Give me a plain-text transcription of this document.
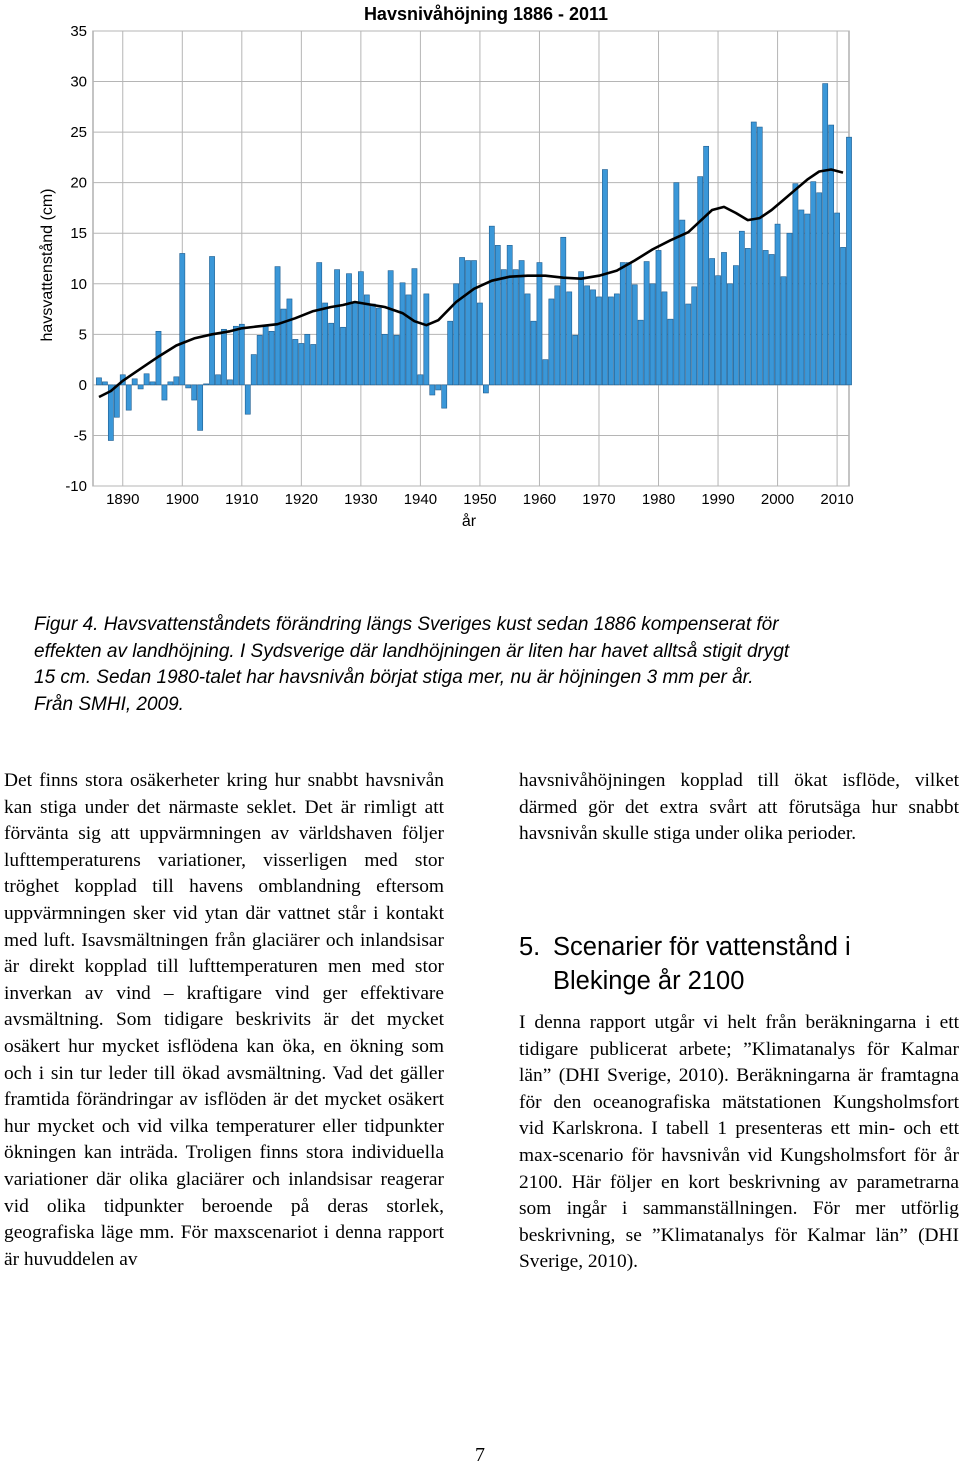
-10
-5
0
5
10
15
20
25
30
35
1890 1900 1910 1920 1930 1940 1950 1960 1970 1980 1990 2000 2010
Havsnivåhöjning 1886 - 2011
år
havsvattenstånd (cm)

Figur 4. Havsvattenståndets förändring längs Sveriges kust sedan 1886 kompenserat för

effekten av landhöjning. I Sydsverige där landhöjningen är liten har havet alltså stigit drygt

15 cm. Sedan 1980-talet har havsnivån börjat stiga mer, nu är höjningen 3 mm per år.

Från SMHI, 2009.

Det finns stora osäkerheter kring hur snabbt havsnivån kan stiga under det närmaste seklet. Det är rimligt att förvänta sig att uppvärmningen av världshaven följer lufttemperaturens variationer, visserligen med stor tröghet kopplad till havens omblandning eftersom uppvärmningen sker vid ytan där vattnet står i kontakt med luft. Isavsmältningen från glaciärer och inlandsisar är direkt kopplad till lufttemperaturen men med stor inverkan av vind – kraftigare vind ger effektivare avsmältning. Som tidigare beskrivits är det mycket osäkert hur mycket isflödena kan öka, en ökning som och i sin tur leder till ökad avsmältning. Vad det gäller framtida förändringar av isflöden är det mycket osäkert hur mycket och vid vilka temperaturer eller tidpunkter ökningen kan inträda. Troligen finns stora individuella variationer där olika glaciärer och inlandsisar reagerar vid olika tidpunkter beroende på deras storlek, geografiska läge mm. För maxscenariot i denna rapport är huvuddelen av

havsnivåhöjningen kopplad till ökat isflöde, vilket därmed gör det extra svårt att förutsäga hur snabbt havsnivån skulle stiga under olika perioder.

5. Scenarier för vattenstånd i
Blekinge år 2100

I denna rapport utgår vi helt från beräkningarna i ett tidigare publicerat arbete; ”Klimatanalys för Kalmar län” (DHI Sverige, 2010). Beräkningarna är framtagna för den oceanografiska mätstationen Kungsholmsfort vid Karlskrona. I tabell 1 presenteras ett min- och ett max-scenario för havsnivån vid Kungsholmsfort för år 2100. Här följer en kort beskrivning av parametrarna som ingår i sammanställningen. För mer utförlig beskrivning, se ”Klimatanalys för Kalmar län” (DHI Sverige, 2010).

7
